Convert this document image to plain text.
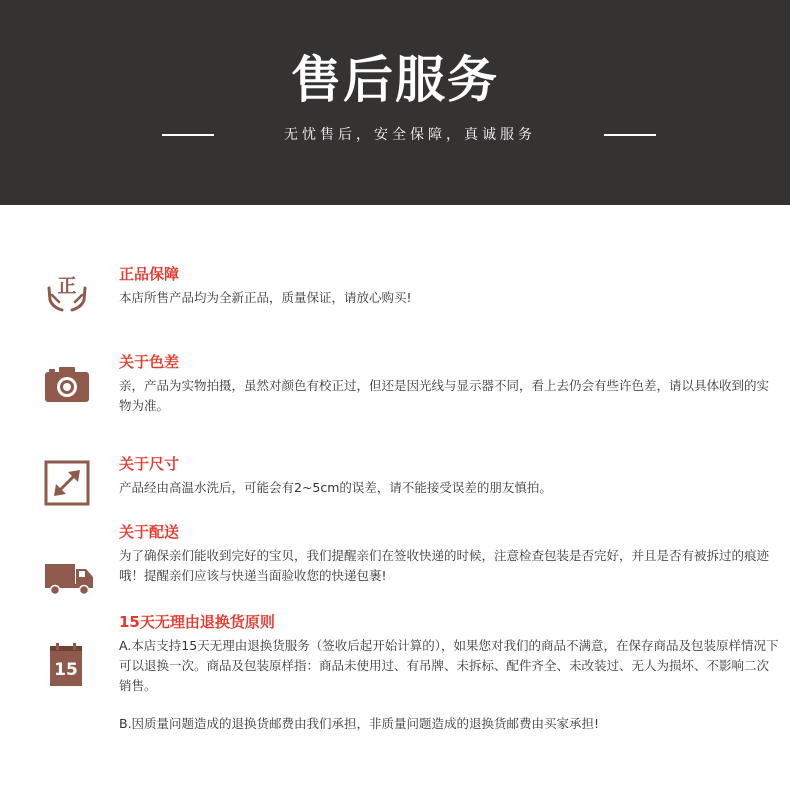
售后服务
无忧售后，安全保障，真诚服务
正
正品保障

本店所售产品均为全新正品，质量保证，请放心购买!

关于色差

亲，产品为实物拍摄，虽然对颜色有校正过，但还是因光线与显示器不同，看上去仍会有些许色差，请以具体收到的实物为准。

关于尺寸

产品经由高温水洗后，可能会有2~5cm的误差，请不能接受误差的朋友慎拍。

关于配送

为了确保亲们能收到完好的宝贝，我们提醒亲们在签收快递的时候，注意检查包装是否完好，并且是否有被拆过的痕迹哦！提醒亲们应该与快递当面验收您的快递包裹!

15
15天无理由退换货原则

A.本店支持15天无理由退换货服务（签收后起开始计算的），如果您对我们的商品不满意，在保存商品及包装原样情况下可以退换一次。商品及包装原样指：商品未使用过、有吊牌、未拆标、配件齐全、未改装过、无人为损坏、不影响二次销售。

B.因质量问题造成的退换货邮费由我们承担，非质量问题造成的退换货邮费由买家承担!
